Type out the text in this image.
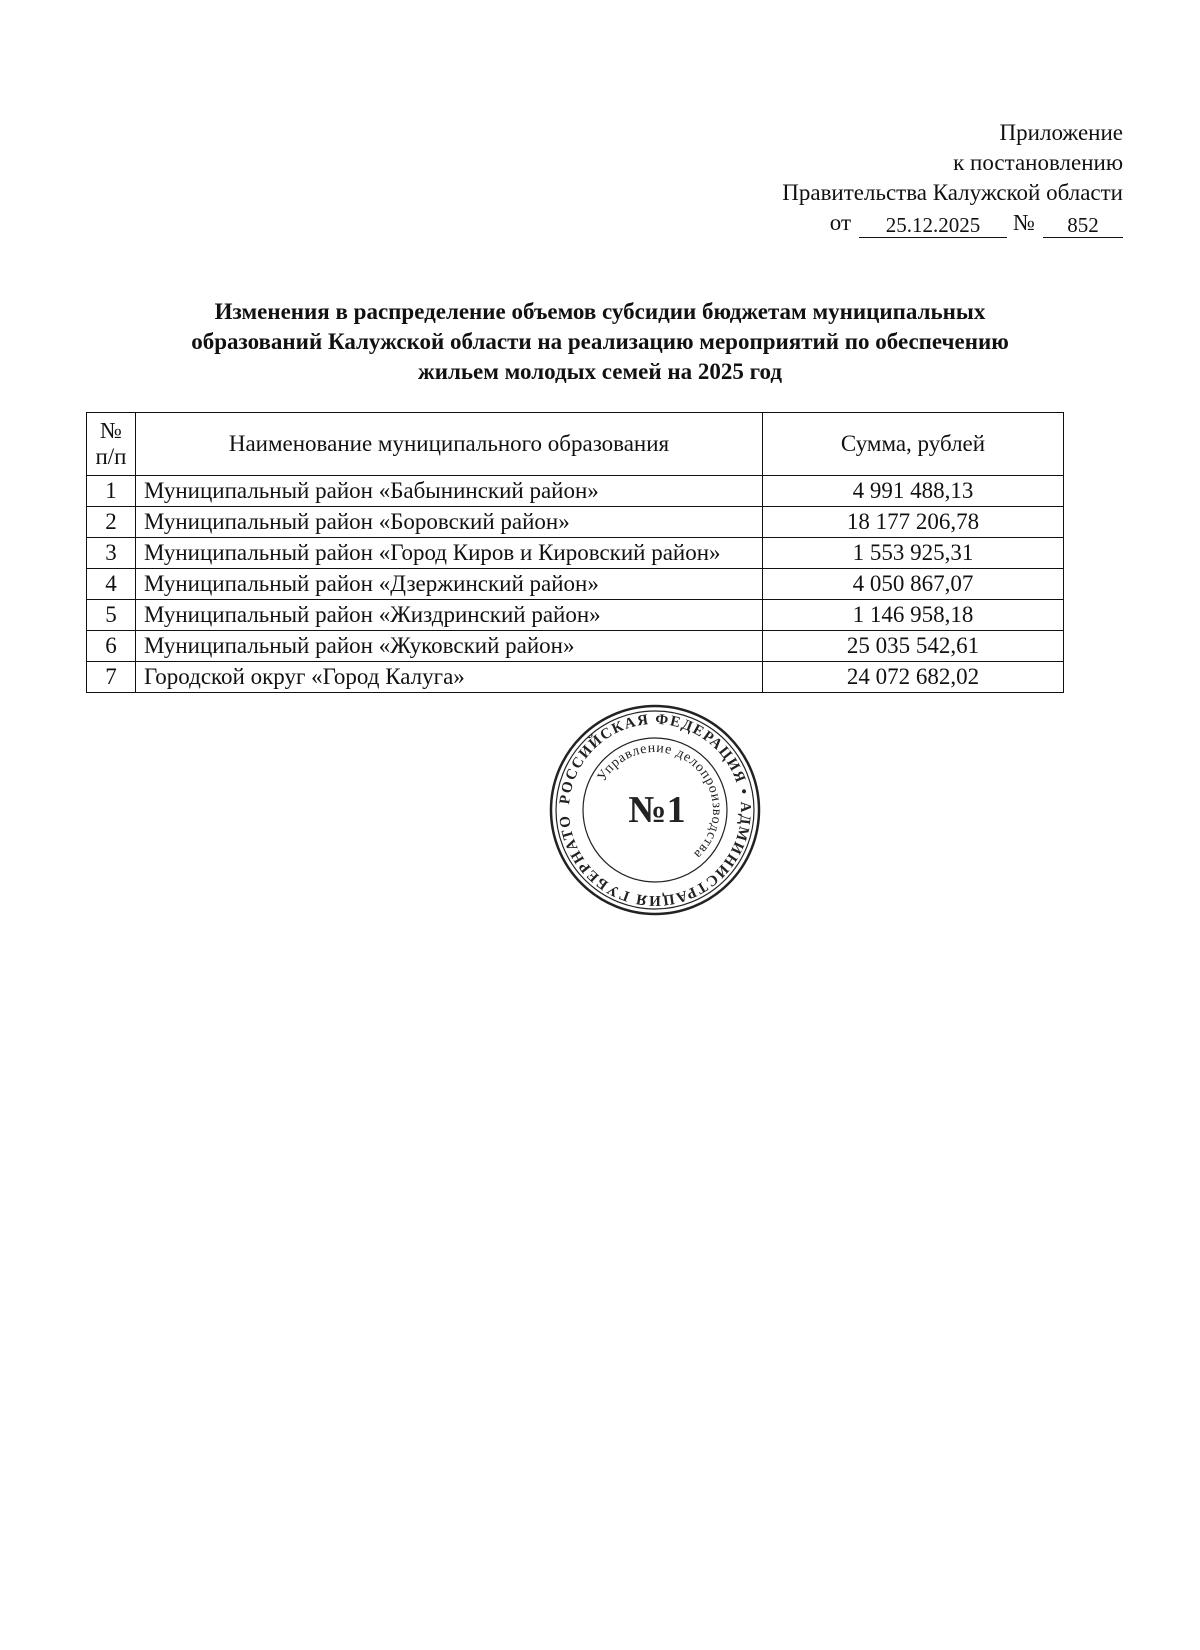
Приложение
к постановлению
Правительства Калужской области
от	25.12.2025	№	852
Изменения в распределение объемов субсидии бюджетам муниципальных
образований Калужской области на реализацию мероприятий по обеспечению
жильем молодых семей на 2025 год
№
п/п	Наименование муниципального образования	Сумма, рублей
1	Муниципальный район «Бабынинский район»	4 991 488,13
2	Муниципальный район «Боровский район»	18 177 206,78
3	Муниципальный район «Город Киров и Кировский район»	1 553 925,31
4	Муниципальный район «Дзержинский район»	4 050 867,07
5	Муниципальный район «Жиздринский район»	1 146 958,18
6	Муниципальный район «Жуковский район»	25 035 542,61
7	Городской округ «Город Калуга»	24 072 682,02
РОССИЙСКАЯ ФЕДЕРАЦИЯ • АДМИНИСТРАЦИЯ ГУБЕРНАТО
Управление делопроизводства
№1
